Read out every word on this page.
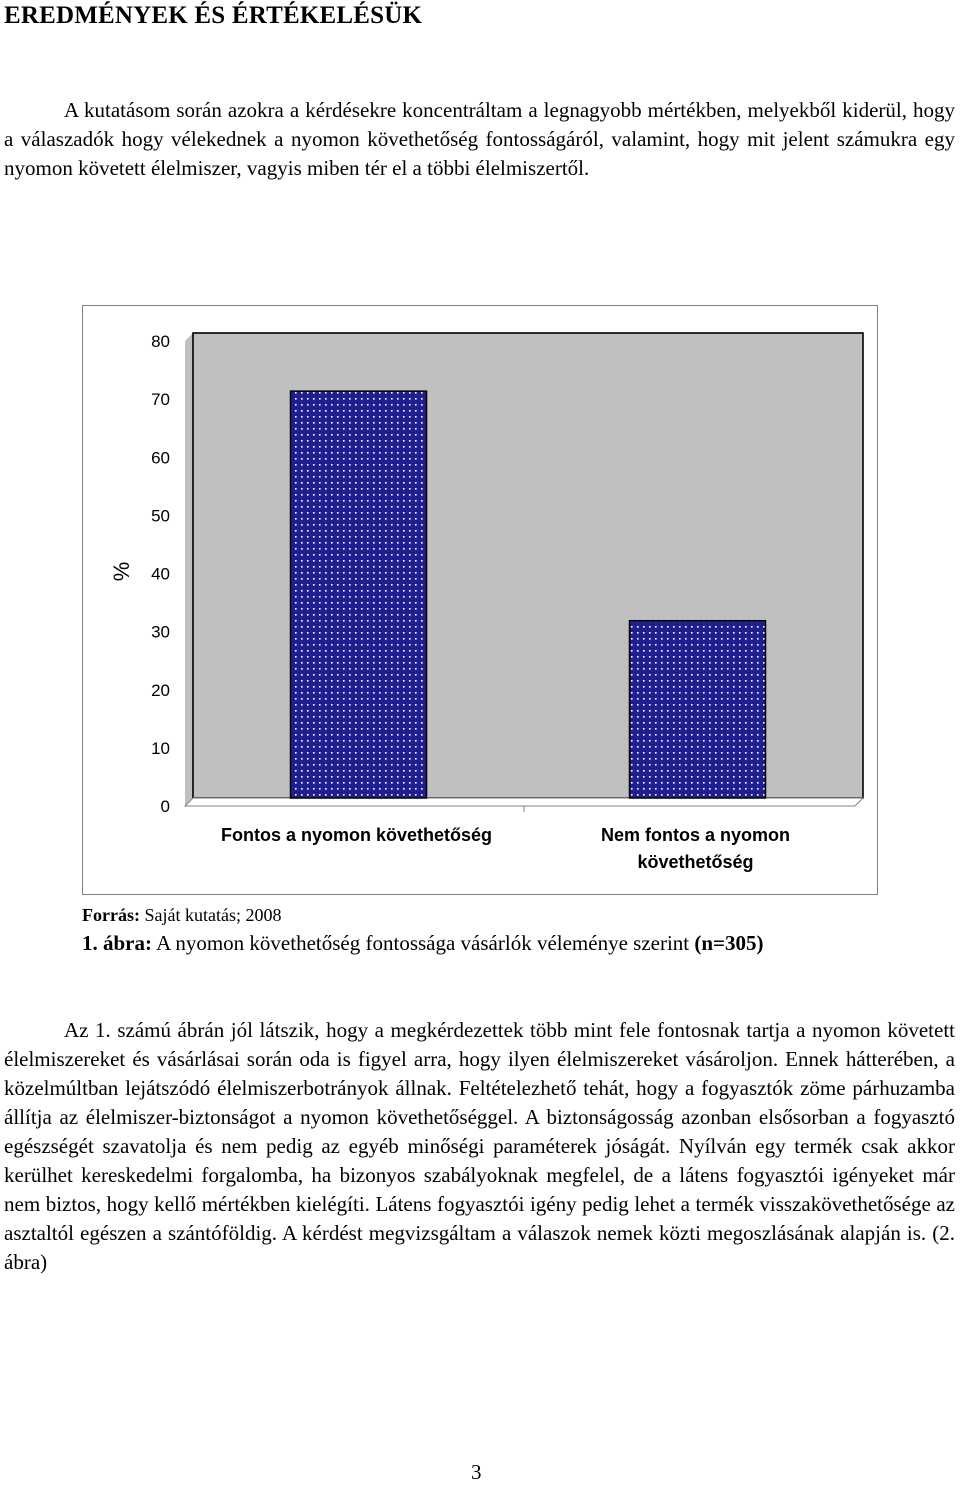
EREDMÉNYEK ÉS ÉRTÉKELÉSÜK

A kutatásom során azokra a kérdésekre koncentráltam a legnagyobb mértékben, melyekből kiderül, hogy a válaszadók hogy vélekednek a nyomon követhetőség fontosságáról, valamint, hogy mit jelent számukra egy nyomon követett élelmiszer, vagyis miben tér el a többi élelmiszertől.

0
10
20
30
40
50
60
70
80
Fontos a nyomon követhetőség	Nem fontos a nyomon
követhetőség
%

Forrás: Saját kutatás; 2008

1. ábra: A nyomon követhetőség fontossága vásárlók véleménye szerint (n=305)

Az 1. számú ábrán jól látszik, hogy a megkérdezettek több mint fele fontosnak tartja a nyomon követett élelmiszereket és vásárlásai során oda is figyel arra, hogy ilyen élelmiszereket vásároljon. Ennek hátterében, a közelmúltban lejátszódó élelmiszerbotrányok állnak. Feltételezhető tehát, hogy a fogyasztók zöme párhuzamba állítja az élelmiszer-biztonságot a nyomon követhetőséggel. A biztonságosság azonban elsősorban a fogyasztó egészségét szavatolja és nem pedig az egyéb minőségi paraméterek jóságát. Nyílván egy termék csak akkor kerülhet kereskedelmi forgalomba, ha bizonyos szabályoknak megfelel, de a látens fogyasztói igényeket már nem biztos, hogy kellő mértékben kielégíti. Látens fogyasztói igény pedig lehet a termék visszakövethetősége az asztaltól egészen a szántóföldig. A kérdést megvizsgáltam a válaszok nemek közti megoszlásának alapján is. (2. ábra)

3
